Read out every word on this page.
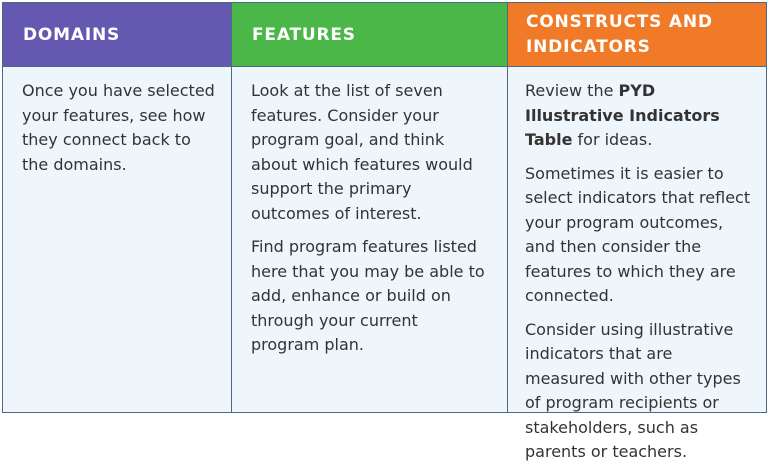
DOMAINS

Once you have selected your features, see how they connect back to the domains.

FEATURES

Look at the list of seven features. Consider your program goal, and think about which features would support the primary outcomes of interest.

Find program features listed here that you may be able to add, enhance or build on through your current program plan.

CONSTRUCTS AND
INDICATORS

Review the PYD Illustrative Indicators Table for ideas.

Sometimes it is easier to select indicators that reflect your program outcomes, and then consider the features to which they are connected.

Consider using illustrative indicators that are measured with other types of program recipients or stakeholders, such as parents or teachers.
